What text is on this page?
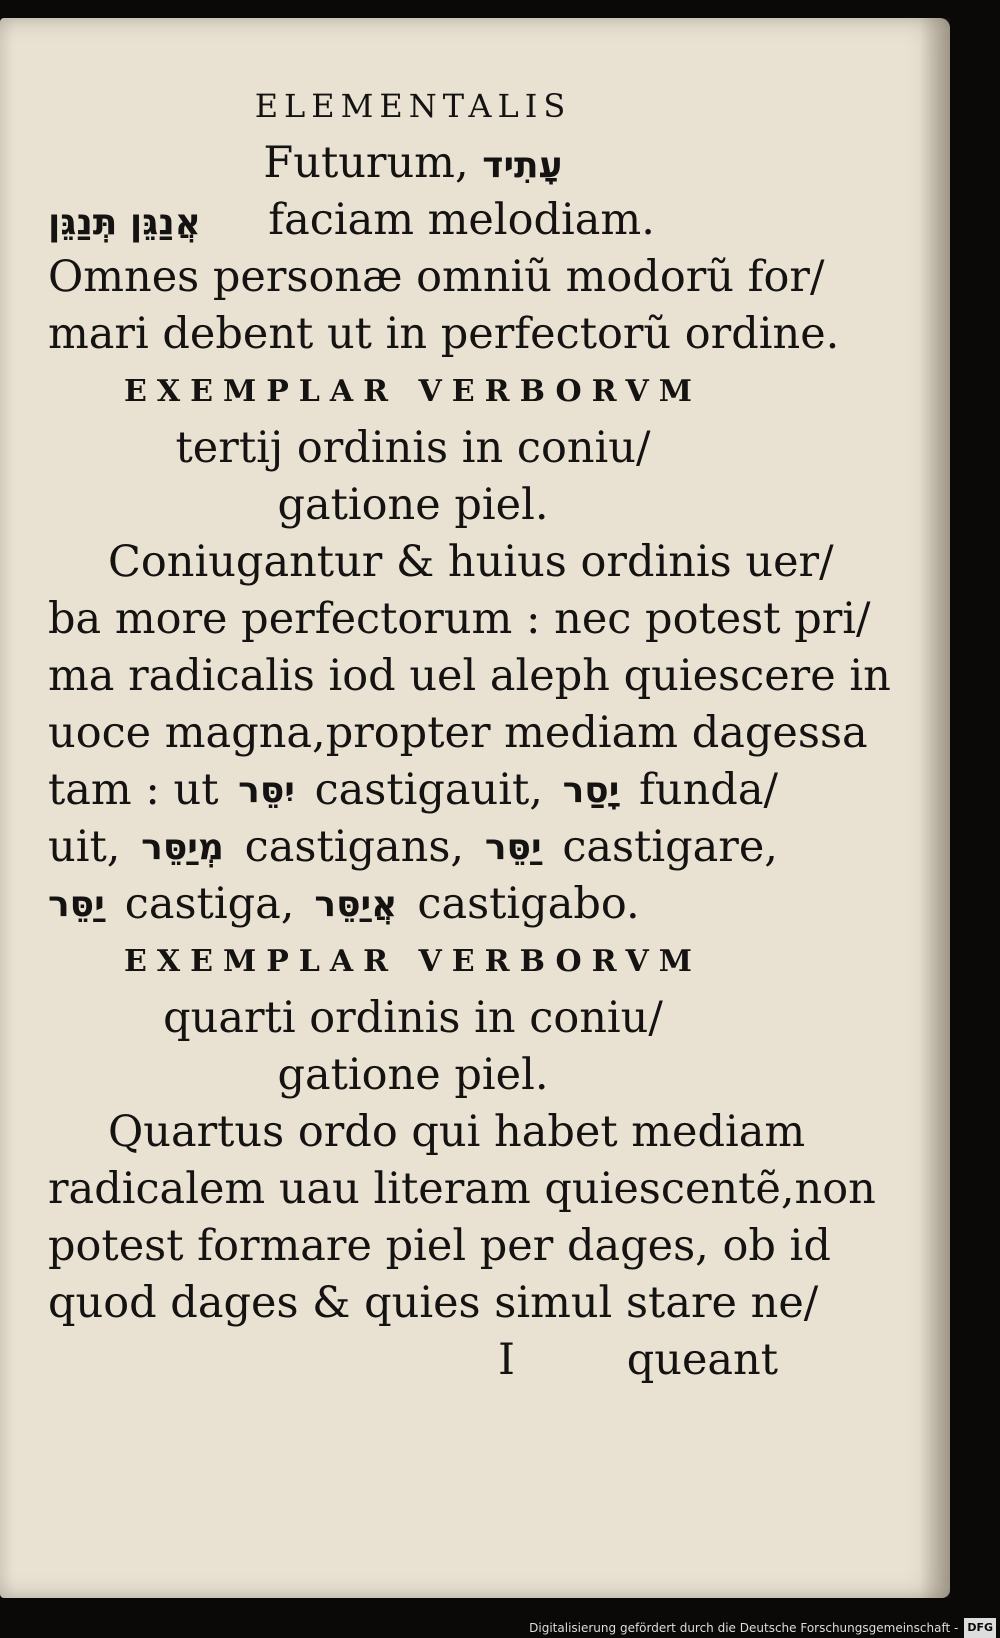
ELEMENTALIS
Futurum, עָתִיד
אֲנַגֵּן תְּנַגֵּן faciam melodiam.
Omnes personæ omniũ modorũ for/
mari debent ut in perfectorũ ordine.
EXEMPLAR VERBORVM
tertij ordinis in coniu/
gatione piel.
Coniugantur & huius ordinis uer/
ba more perfectorum : nec potest pri/
ma radicalis iod uel aleph quiescere in
uoce magna,propter mediam dagessa
tam : ut יִסֵּר castigauit, יָסַר funda/
uit, מְיַסֵּר castigans, יַסֵּר castigare,
יַסֵּר castiga, אֲיַסֵּר castigabo.
EXEMPLAR VERBORVM
quarti ordinis in coniu/
gatione piel.
Quartus ordo qui habet mediam
radicalem uau literam quiescentẽ,non
potest formare piel per dages, ob id
quod dages & quies simul stare ne/
I	queant
Digitalisierung gefördert durch die Deutsche Forschungsgemeinschaft - DFG
